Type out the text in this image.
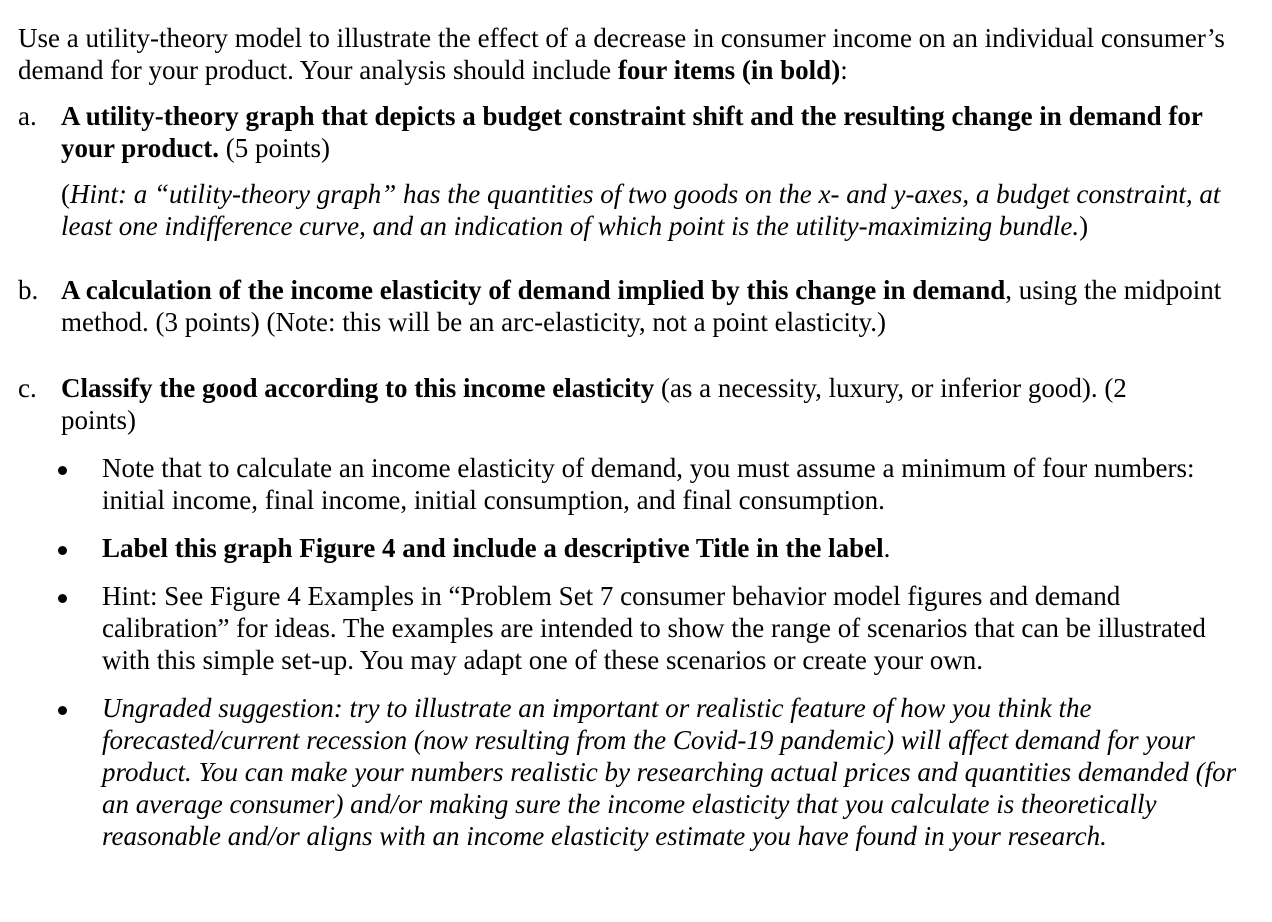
Use a utility-theory model to illustrate the effect of a decrease in consumer income on an individual consumer’s demand for your product. Your analysis should include four items (in bold):
a. A utility-theory graph that depicts a budget constraint shift and the resulting change in demand for your product. (5 points)
(Hint: a “utility-theory graph” has the quantities of two goods on the x- and y-axes, a budget constraint, at least one indifference curve, and an indication of which point is the utility-maximizing bundle.)
b. A calculation of the income elasticity of demand implied by this change in demand, using the midpoint method. (3 points) (Note: this will be an arc-elasticity, not a point elasticity.)
c. Classify the good according to this income elasticity (as a necessity, luxury, or inferior good). (2 points)
Note that to calculate an income elasticity of demand, you must assume a minimum of four numbers: initial income, final income, initial consumption, and final consumption.
Label this graph Figure 4 and include a descriptive Title in the label.
Hint: See Figure 4 Examples in “Problem Set 7 consumer behavior model figures and demand calibration” for ideas. The examples are intended to show the range of scenarios that can be illustrated with this simple set-up. You may adapt one of these scenarios or create your own.
Ungraded suggestion: try to illustrate an important or realistic feature of how you think the forecasted/current recession (now resulting from the Covid-19 pandemic) will affect demand for your product. You can make your numbers realistic by researching actual prices and quantities demanded (for an average consumer) and/or making sure the income elasticity that you calculate is theoretically reasonable and/or aligns with an income elasticity estimate you have found in your research.
